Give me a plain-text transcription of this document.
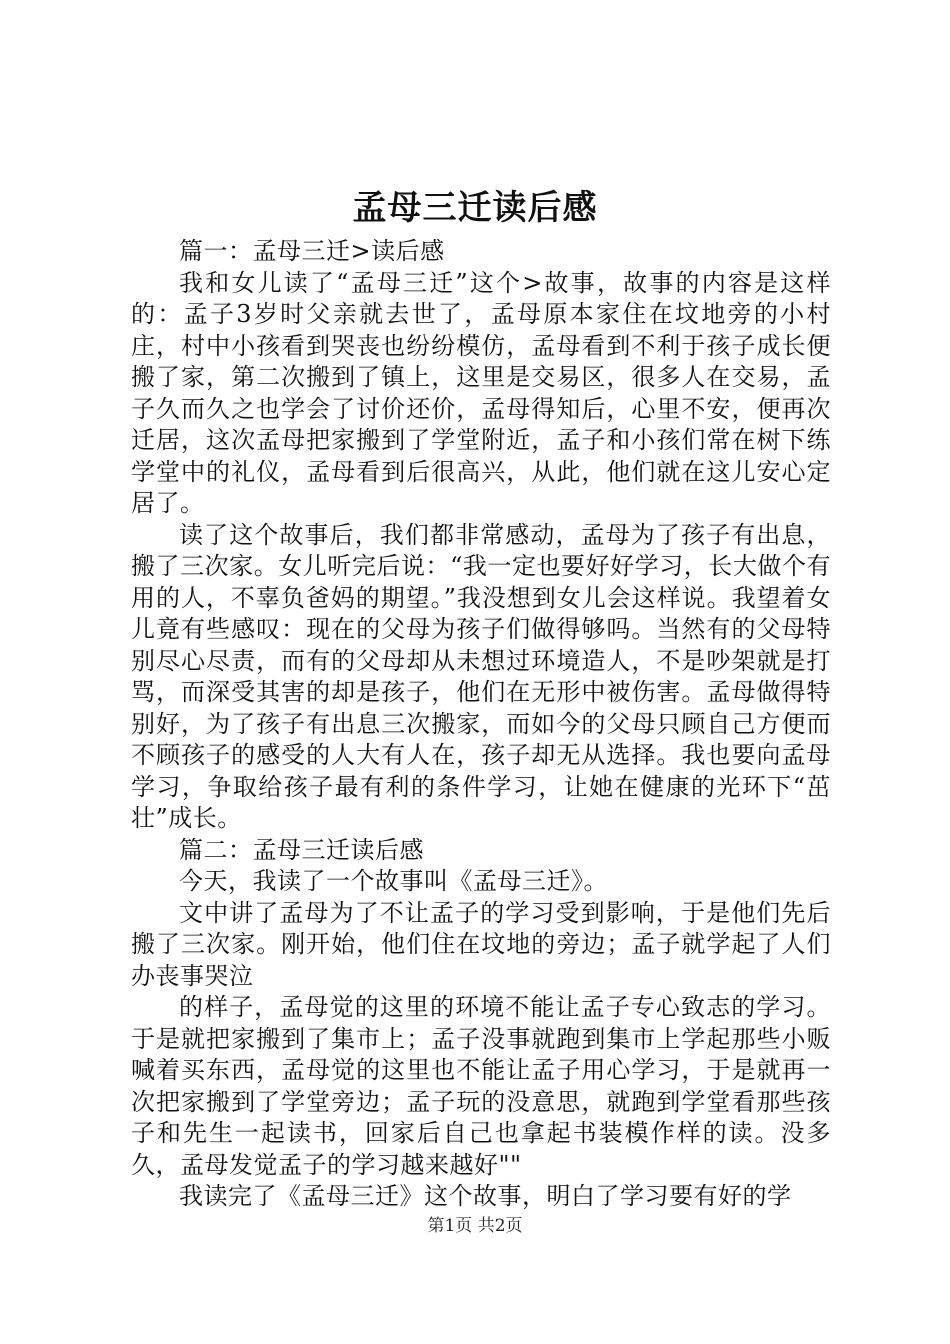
孟母三迁读后感

篇一：孟母三迁>读后感

我和女儿读了“孟母三迁”这个>故事，故事的内容是这样的：孟子3岁时父亲就去世了，孟母原本家住在坟地旁的小村庄，村中小孩看到哭丧也纷纷模仿，孟母看到不利于孩子成长便搬了家，第二次搬到了镇上，这里是交易区，很多人在交易，孟子久而久之也学会了讨价还价，孟母得知后，心里不安，便再次迁居，这次孟母把家搬到了学堂附近，孟子和小孩们常在树下练学堂中的礼仪，孟母看到后很高兴，从此，他们就在这儿安心定居了。

读了这个故事后，我们都非常感动，孟母为了孩子有出息，搬了三次家。女儿听完后说：“我一定也要好好学习，长大做个有用的人，不辜负爸妈的期望。”我没想到女儿会这样说。我望着女儿竟有些感叹：现在的父母为孩子们做得够吗。当然有的父母特别尽心尽责，而有的父母却从未想过环境造人，不是吵架就是打骂，而深受其害的却是孩子，他们在无形中被伤害。孟母做得特别好，为了孩子有出息三次搬家，而如今的父母只顾自己方便而不顾孩子的感受的人大有人在，孩子却无从选择。我也要向孟母学习，争取给孩子最有利的条件学习，让她在健康的光环下“茁壮”成长。

篇二：孟母三迁读后感

今天，我读了一个故事叫《孟母三迁》。

文中讲了孟母为了不让孟子的学习受到影响，于是他们先后搬了三次家。刚开始，他们住在坟地的旁边；孟子就学起了人们办丧事哭泣

的样子，孟母觉的这里的环境不能让孟子专心致志的学习。于是就把家搬到了集市上；孟子没事就跑到集市上学起那些小贩喊着买东西，孟母觉的这里也不能让孟子用心学习，于是就再一次把家搬到了学堂旁边；孟子玩的没意思，就跑到学堂看那些孩子和先生一起读书，回家后自己也拿起书装模作样的读。没多久，孟母发觉孟子的学习越来越好""

我读完了《孟母三迁》这个故事，明白了学习要有好的学

第1页 共2页
